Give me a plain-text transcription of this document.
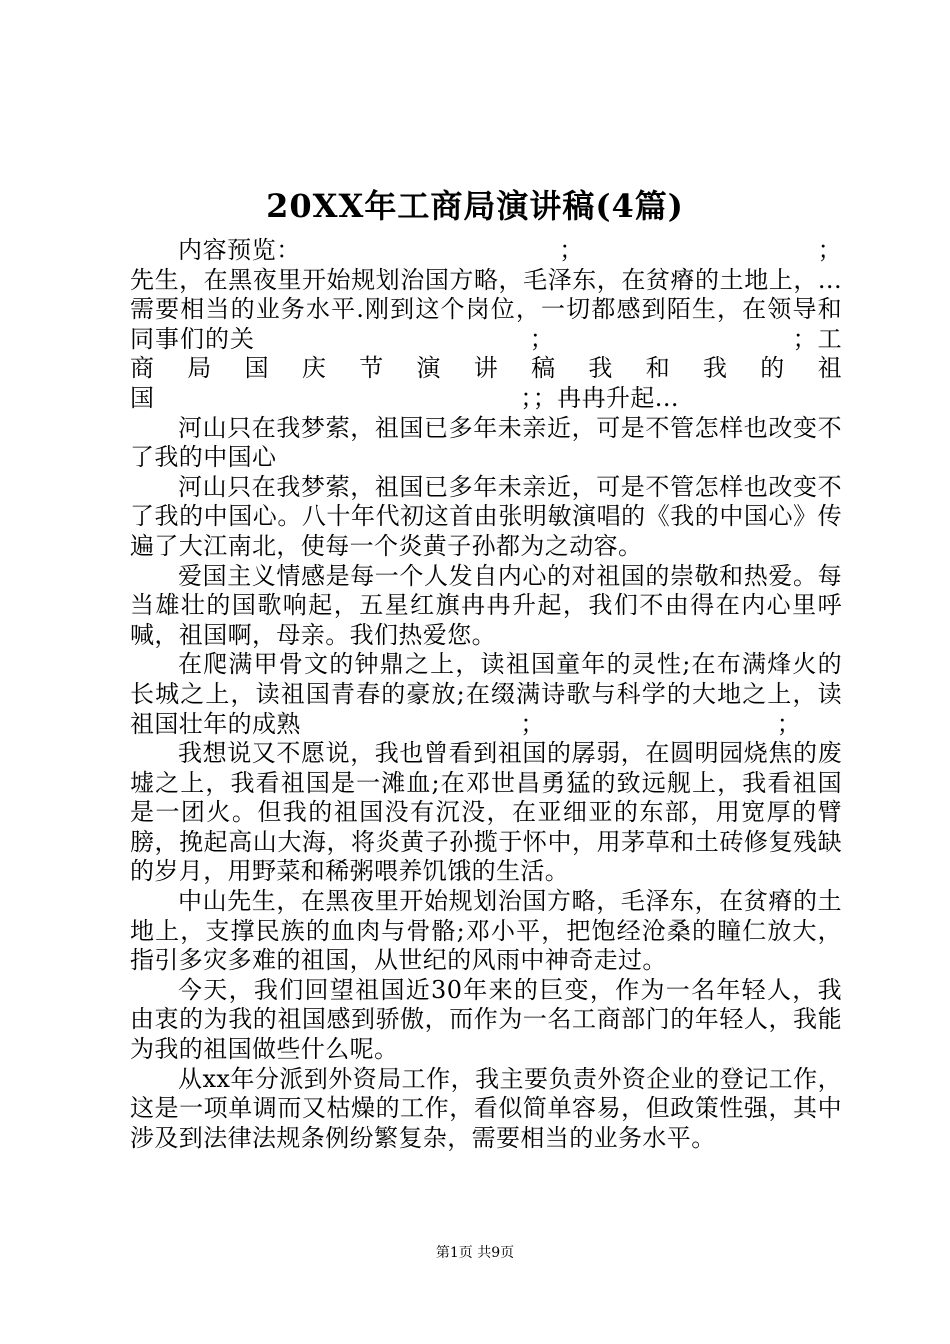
20XX年工商局演讲稿(4篇)

内容预览：　　　　　　　　　　　；　　　　　　　　　　；先生，在黑夜里开始规划治国方略，毛泽东，在贫瘠的土地上，...需要相当的业务水平.刚到这个岗位，一切都感到陌生，在领导和同事们的关　　　　　　　　　　　；　　　　　　　　　　；工商局国庆节演讲稿我和我的祖国　　　　　　　　　　　　　　　；；冉冉升起...

河山只在我梦萦，祖国已多年未亲近，可是不管怎样也改变不了我的中国心

河山只在我梦萦，祖国已多年未亲近，可是不管怎样也改变不了我的中国心。八十年代初这首由张明敏演唱的《我的中国心》传遍了大江南北，使每一个炎黄子孙都为之动容。

爱国主义情感是每一个人发自内心的对祖国的崇敬和热爱。每当雄壮的国歌响起，五星红旗冉冉升起，我们不由得在内心里呼喊，祖国啊，母亲。我们热爱您。

在爬满甲骨文的钟鼎之上，读祖国童年的灵性;在布满烽火的长城之上，读祖国青春的豪放;在缀满诗歌与科学的大地之上，读祖国壮年的成熟　　　　　　　　　；　　　　　　　　　　；

我想说又不愿说，我也曾看到祖国的孱弱，在圆明园烧焦的废墟之上，我看祖国是一滩血;在邓世昌勇猛的致远舰上，我看祖国是一团火。但我的祖国没有沉没，在亚细亚的东部，用宽厚的臂膀，挽起高山大海，将炎黄子孙揽于怀中，用茅草和土砖修复残缺的岁月，用野菜和稀粥喂养饥饿的生活。

中山先生，在黑夜里开始规划治国方略，毛泽东，在贫瘠的土地上，支撑民族的血肉与骨骼;邓小平，把饱经沧桑的瞳仁放大，指引多灾多难的祖国，从世纪的风雨中神奇走过。

今天，我们回望祖国近30年来的巨变，作为一名年轻人，我由衷的为我的祖国感到骄傲，而作为一名工商部门的年轻人，我能为我的祖国做些什么呢。

从xx年分派到外资局工作，我主要负责外资企业的登记工作，这是一项单调而又枯燥的工作，看似简单容易，但政策性强，其中涉及到法律法规条例纷繁复杂，需要相当的业务水平。

第1页 共9页
